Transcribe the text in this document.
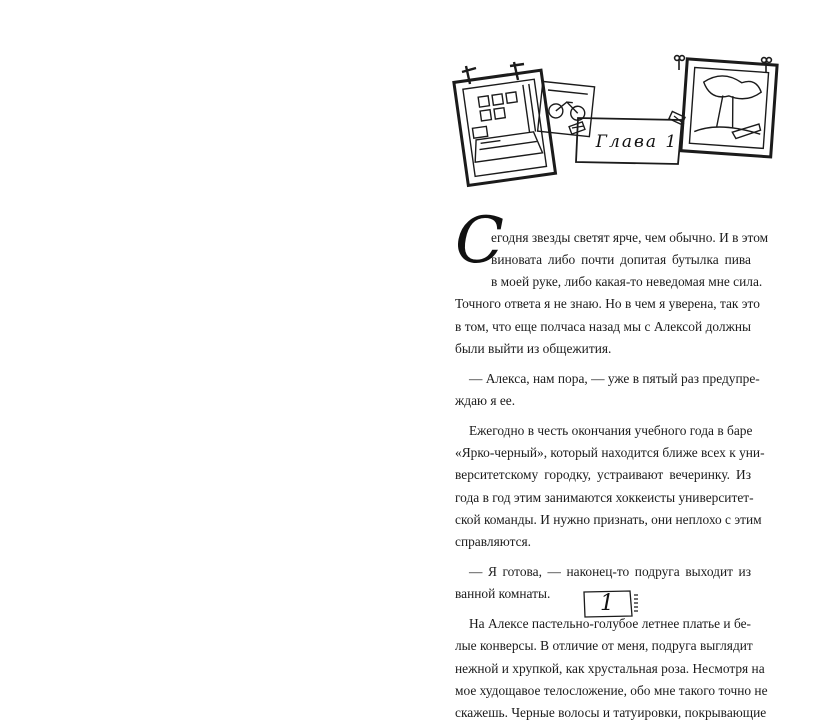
Глава 1
С
егодня звезды светят ярче, чем обычно. И в этом
виновата либо почти допитая бутылка пива
в моей руке, либо какая-то неведомая мне сила.
Точного ответа я не знаю. Но в чем я уверена, так это
в том, что еще полчаса назад мы с Алексой должны
были выйти из общежития.
— Алекса, нам пора, — уже в пятый раз предупре-
ждаю я ее.
Ежегодно в честь окончания учебного года в баре
«Ярко-черный», который находится ближе всех к уни-
верситетскому городку, устраивают вечеринку. Из
года в год этим занимаются хоккеисты университет-
ской команды. И нужно признать, они неплохо с этим
справляются.
— Я готова, — наконец-то подруга выходит из
ванной комнаты.
На Алексе пастельно-голубое летнее платье и бе-
лые конверсы. В отличие от меня, подруга выглядит
нежной и хрупкой, как хрустальная роза. Несмотря на
мое худощавое телосложение, обо мне такого точно не
скажешь. Черные волосы и татуировки, покрывающие
1
